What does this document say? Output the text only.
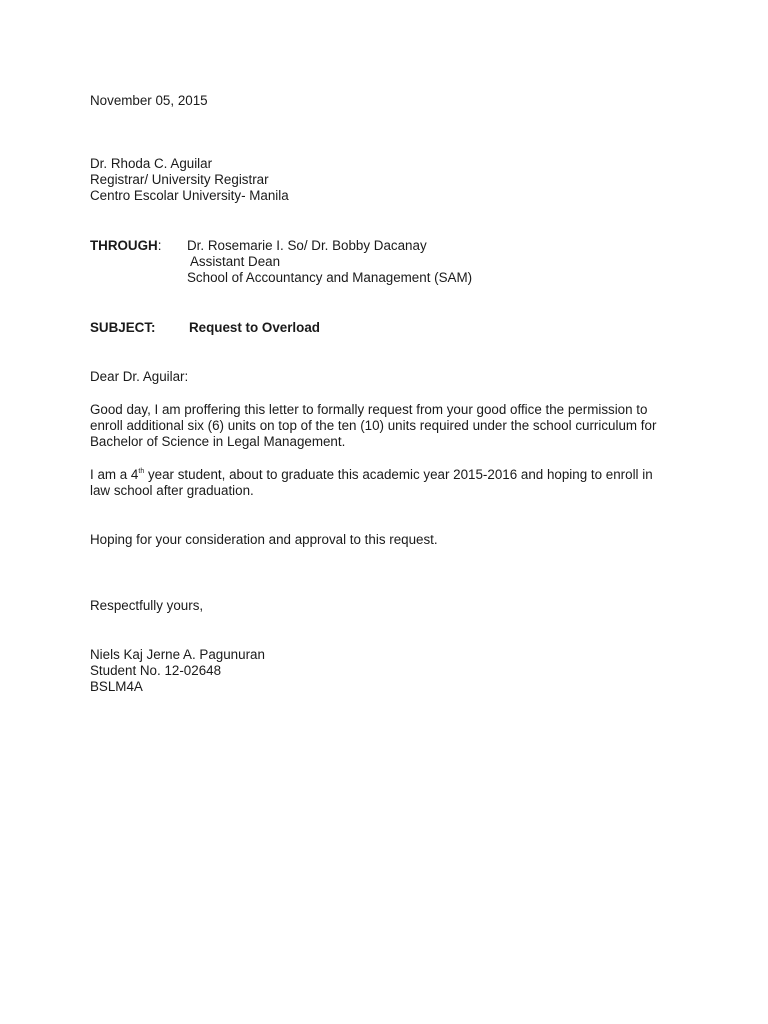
November 05, 2015
Dr. Rhoda C. Aguilar
Registrar/ University Registrar
Centro Escolar University- Manila
THROUGH: Dr. Rosemarie I. So/ Dr. Bobby Dacanay
Assistant Dean
School of Accountancy and Management (SAM)
SUBJECT:	Request to Overload
Dear Dr. Aguilar:
Good day, I am proffering this letter to formally request from your good office the permission to
enroll additional six (6) units on top of the ten (10) units required under the school curriculum for
Bachelor of Science in Legal Management.
I am a 4th year student, about to graduate this academic year 2015-2016 and hoping to enroll in
law school after graduation.
Hoping for your consideration and approval to this request.
Respectfully yours,
Niels Kaj Jerne A. Pagunuran
Student No. 12-02648
BSLM4A
